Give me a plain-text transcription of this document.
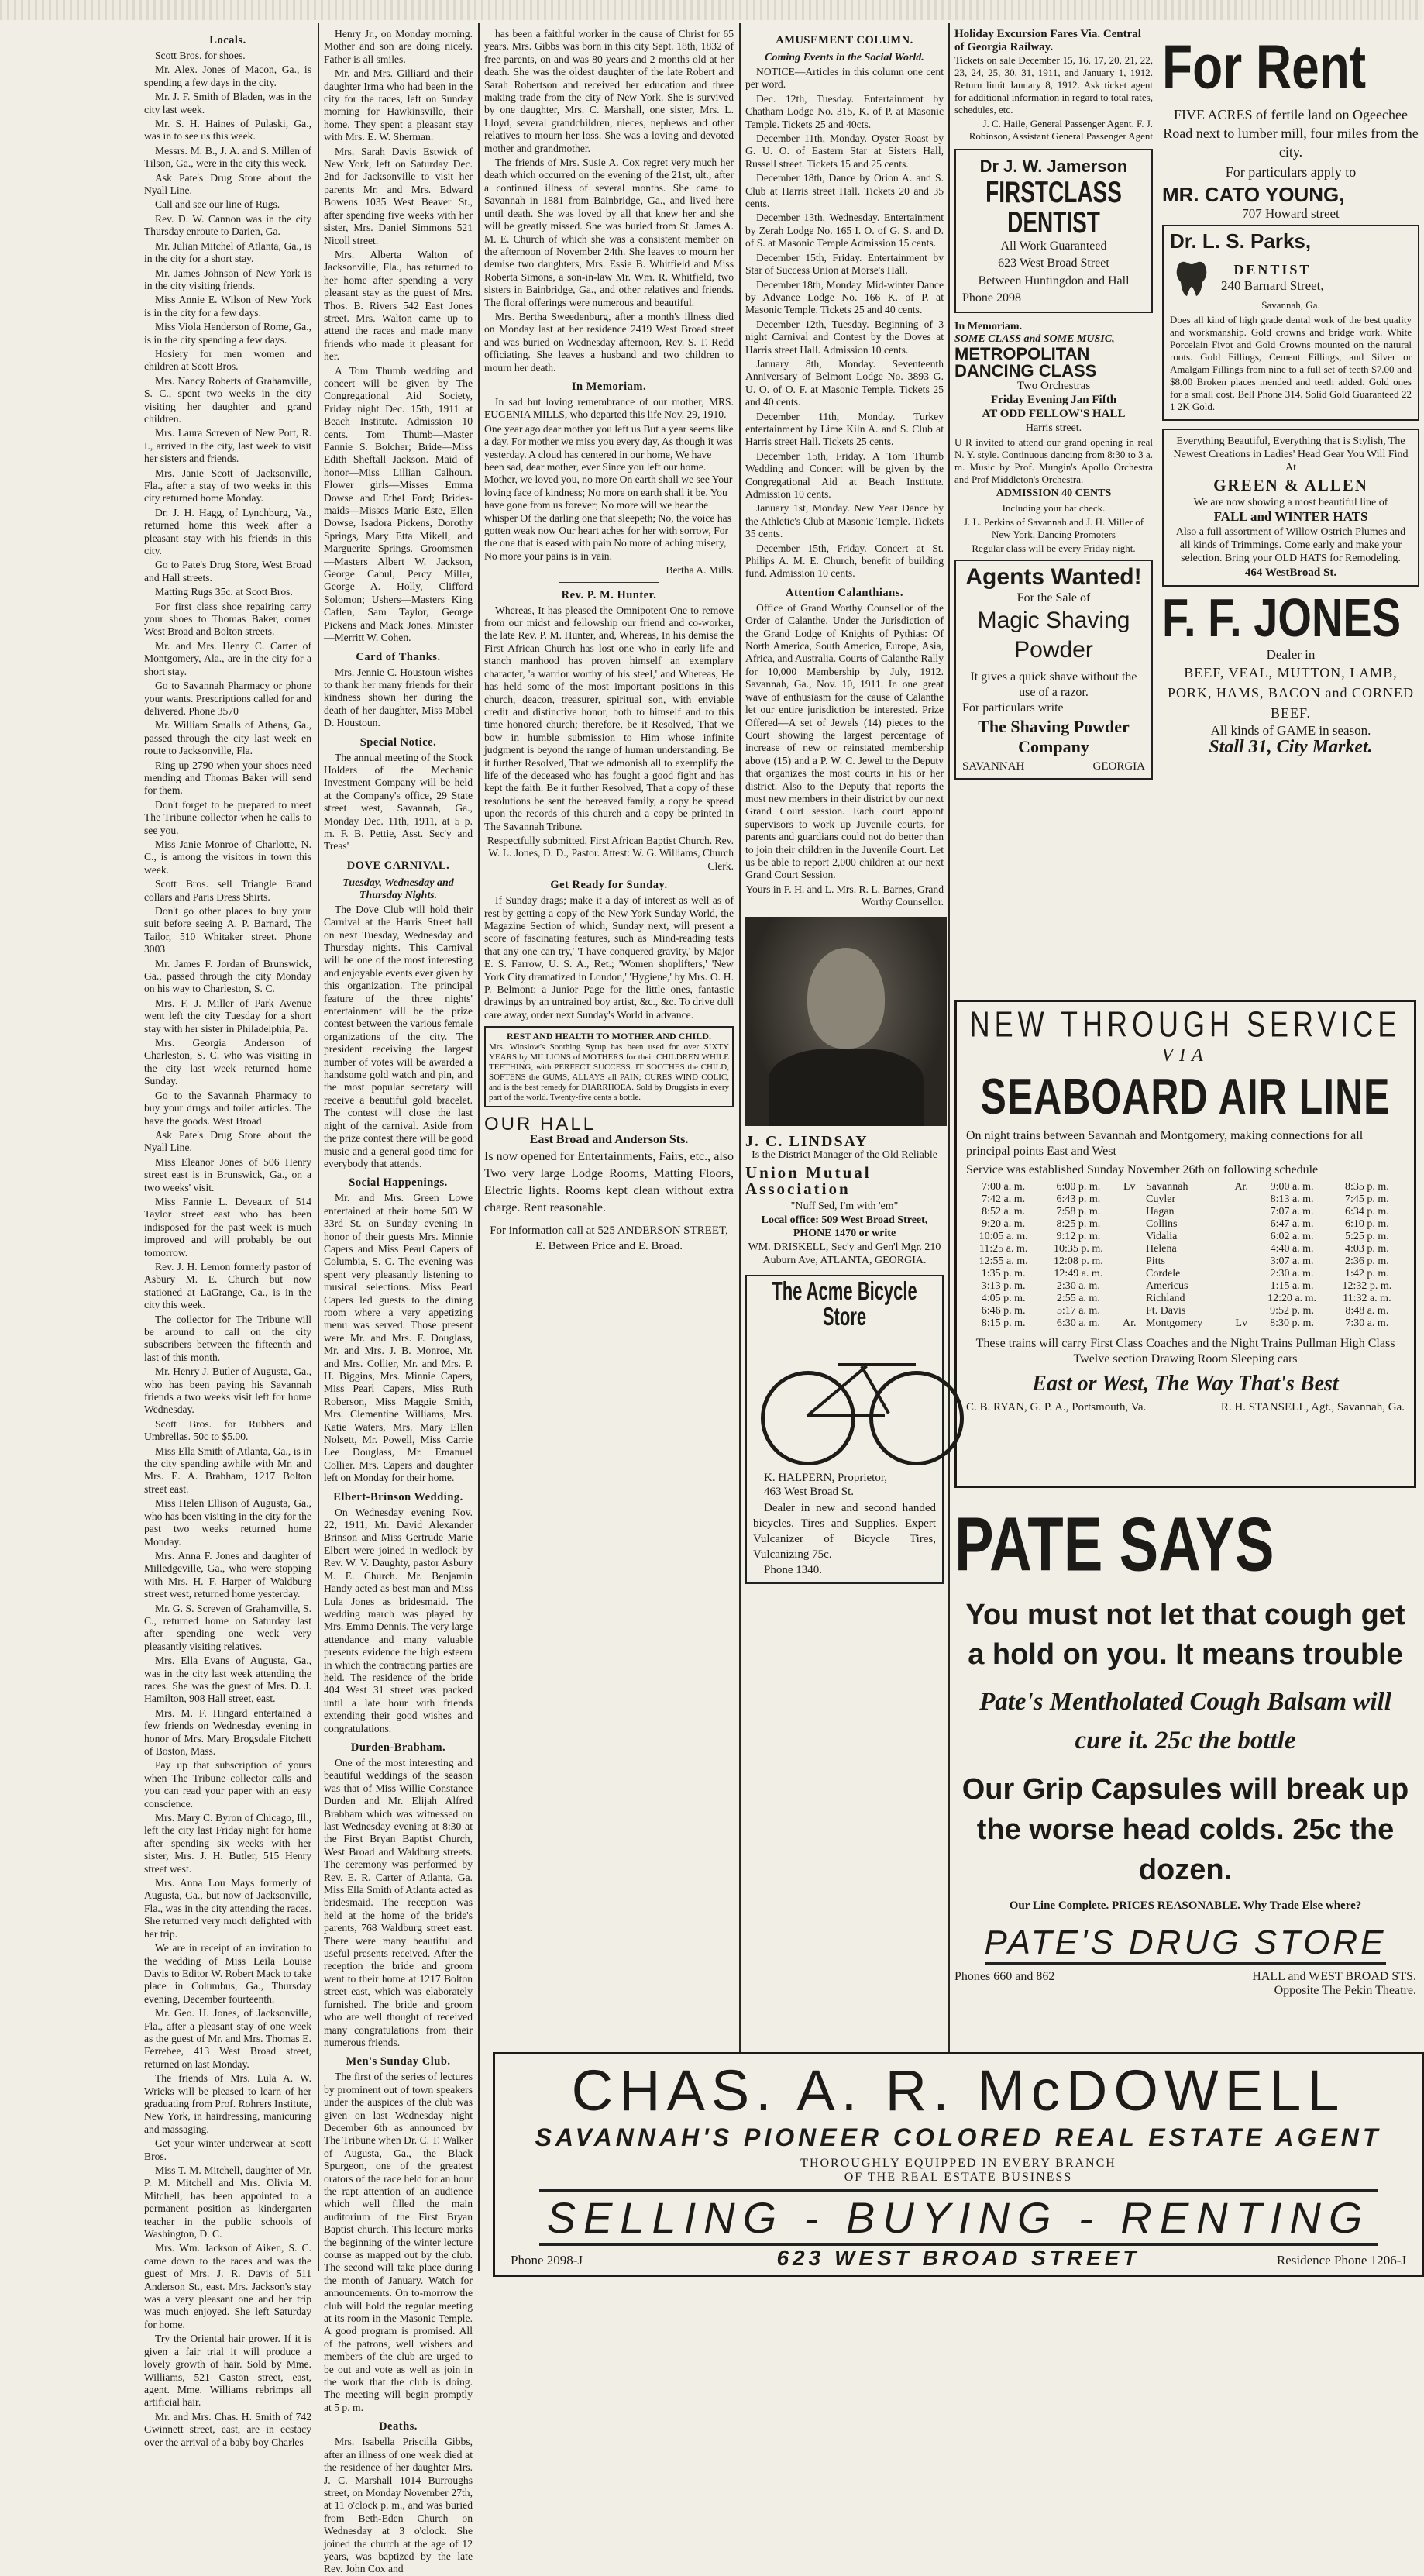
Locals.

Scott Bros. for shoes.

Mr. Alex. Jones of Macon, Ga., is spending a few days in the city.

Mr. J. F. Smith of Bladen, was in the city last week.

Mr. S. H. Haines of Pulaski, Ga., was in to see us this week.

Messrs. M. B., J. A. and S. Millen of Tilson, Ga., were in the city this week.

Ask Pate's Drug Store about the Nyall Line.

Call and see our line of Rugs.

Rev. D. W. Cannon was in the city Thursday enroute to Darien, Ga.

Mr. Julian Mitchel of Atlanta, Ga., is in the city for a short stay.

Mr. James Johnson of New York is in the city visiting friends.

Miss Annie E. Wilson of New York is in the city for a few days.

Miss Viola Henderson of Rome, Ga., is in the city spending a few days.

Hosiery for men women and children at Scott Bros.

Mrs. Nancy Roberts of Grahamville, S. C., spent two weeks in the city visiting her daughter and grand children.

Mrs. Laura Screven of New Port, R. I., arrived in the city, last week to visit her sisters and friends.

Mrs. Janie Scott of Jacksonville, Fla., after a stay of two weeks in this city returned home Monday.

Dr. J. H. Hagg, of Lynchburg, Va., returned home this week after a pleasant stay with his friends in this city.

Go to Pate's Drug Store, West Broad and Hall streets.

Matting Rugs 35c. at Scott Bros.

For first class shoe repairing carry your shoes to Thomas Baker, corner West Broad and Bolton streets.

Mr. and Mrs. Henry C. Carter of Montgomery, Ala., are in the city for a short stay.

Go to Savannah Pharmacy or phone your wants. Prescriptions called for and delivered. Phone 3570

Mr. William Smalls of Athens, Ga., passed through the city last week en route to Jacksonville, Fla.

Ring up 2790 when your shoes need mending and Thomas Baker will send for them.

Don't forget to be prepared to meet The Tribune collector when he calls to see you.

Miss Janie Monroe of Charlotte, N. C., is among the visitors in town this week.

Scott Bros. sell Triangle Brand collars and Paris Dress Shirts.

Don't go other places to buy your suit before seeing A. P. Barnard, The Tailor, 510 Whitaker street. Phone 3003

Mr. James F. Jordan of Brunswick, Ga., passed through the city Monday on his way to Charleston, S. C.

Mrs. F. J. Miller of Park Avenue went left the city Tuesday for a short stay with her sister in Philadelphia, Pa.

Mrs. Georgia Anderson of Charleston, S. C. who was visiting in the city last week returned home Sunday.

Go to the Savannah Pharmacy to buy your drugs and toilet articles. The have the goods. West Broad

Ask Pate's Drug Store about the Nyall Line.

Miss Eleanor Jones of 506 Henry street east is in Brunswick, Ga., on a two weeks' visit.

Miss Fannie L. Deveaux of 514 Taylor street east who has been indisposed for the past week is much improved and will probably be out tomorrow.

Rev. J. H. Lemon formerly pastor of Asbury M. E. Church but now stationed at LaGrange, Ga., is in the city this week.

The collector for The Tribune will be around to call on the city subscribers between the fifteenth and last of this month.

Mr. Henry J. Butler of Augusta, Ga., who has been paying his Savannah friends a two weeks visit left for home Wednesday.

Scott Bros. for Rubbers and Umbrellas. 50c to $5.00.

Miss Ella Smith of Atlanta, Ga., is in the city spending awhile with Mr. and Mrs. E. A. Brabham, 1217 Bolton street east.

Miss Helen Ellison of Augusta, Ga., who has been visiting in the city for the past two weeks returned home Monday.

Mrs. Anna F. Jones and daughter of Milledgeville, Ga., who were stopping with Mrs. H. F. Harper of Waldburg street west, returned home yesterday.

Mr. G. S. Screven of Grahamville, S. C., returned home on Saturday last after spending one week very pleasantly visiting relatives.

Mrs. Ella Evans of Augusta, Ga., was in the city last week attending the races. She was the guest of Mrs. D. J. Hamilton, 908 Hall street, east.

Mrs. M. F. Hingard entertained a few friends on Wednesday evening in honor of Mrs. Mary Brogsdale Fitchett of Boston, Mass.

Pay up that subscription of yours when The Tribune collector calls and you can read your paper with an easy conscience.

Mrs. Mary C. Byron of Chicago, Ill., left the city last Friday night for home after spending six weeks with her sister, Mrs. J. H. Butler, 515 Henry street west.

Mrs. Anna Lou Mays formerly of Augusta, Ga., but now of Jacksonville, Fla., was in the city attending the races. She returned very much delighted with her trip.

We are in receipt of an invitation to the wedding of Miss Leila Louise Davis to Editor W. Robert Mack to take place in Columbus, Ga., Thursday evening, December fourteenth.

Mr. Geo. H. Jones, of Jacksonville, Fla., after a pleasant stay of one week as the guest of Mr. and Mrs. Thomas E. Ferrebee, 413 West Broad street, returned on last Monday.

The friends of Mrs. Lula A. W. Wricks will be pleased to learn of her graduating from Prof. Rohrers Institute, New York, in hairdressing, manicuring and massaging.

Get your winter underwear at Scott Bros.

Miss T. M. Mitchell, daughter of Mr. P. M. Mitchell and Mrs. Olivia M. Mitchell, has been appointed to a permanent position as kindergarten teacher in the public schools of Washington, D. C.

Mrs. Wm. Jackson of Aiken, S. C. came down to the races and was the guest of Mrs. J. R. Davis of 511 Anderson St., east. Mrs. Jackson's stay was a very pleasant one and her trip was much enjoyed. She left Saturday for home.

Try the Oriental hair grower. If it is given a fair trial it will produce a lovely growth of hair. Sold by Mme. Williams, 521 Gaston street, east, agent. Mme. Williams rebrimps all artificial hair.

Mr. and Mrs. Chas. H. Smith of 742 Gwinnett street, east, are in ecstacy over the arrival of a baby boy Charles

Henry Jr., on Monday morning. Mother and son are doing nicely. Father is all smiles.

Mr. and Mrs. Gilliard and their daughter Irma who had been in the city for the races, left on Sunday morning for Hawkinsville, their home. They spent a pleasant stay with Mrs. E. W. Sherman.

Mrs. Sarah Davis Estwick of New York, left on Saturday Dec. 2nd for Jacksonville to visit her parents Mr. and Mrs. Edward Bowens 1035 West Beaver St., after spending five weeks with her sister, Mrs. Daniel Simmons 521 Nicoll street.

Mrs. Alberta Walton of Jacksonville, Fla., has returned to her home after spending a very pleasant stay as the guest of Mrs. Thos. B. Rivers 542 East Jones street. Mrs. Walton came up to attend the races and made many friends who made it pleasant for her.

A Tom Thumb wedding and concert will be given by The Congregational Aid Society, Friday night Dec. 15th, 1911 at Beach Institute. Admission 10 cents. Tom Thumb—Master Fannie S. Bolcher; Bride—Miss Edith Sheftall Jackson. Maid of honor—Miss Lillian Calhoun. Flower girls—Misses Emma Dowse and Ethel Ford; Brides-maids—Misses Marie Este, Ellen Dowse, Isadora Pickens, Dorothy Springs, Mary Etta Mikell, and Marguerite Springs. Groomsmen—Masters Albert W. Jackson, George Cabul, Percy Miller, George A. Holly, Clifford Solomon; Ushers—Masters King Caflen, Sam Taylor, George Pickens and Mack Jones. Minister—Merritt W. Cohen.

Card of Thanks.

Mrs. Jennie C. Houstoun wishes to thank her many friends for their kindness shown her during the death of her daughter, Miss Mabel D. Houstoun.

Special Notice.

The annual meeting of the Stock Holders of the Mechanic Investment Company will be held at the Company's office, 29 State street west, Savannah, Ga., Monday Dec. 11th, 1911, at 5 p. m. F. B. Pettie, Asst. Sec'y and Treas'

DOVE CARNIVAL.
Tuesday, Wednesday and Thursday Nights.

The Dove Club will hold their Carnival at the Harris Street hall on next Tuesday, Wednesday and Thursday nights. This Carnival will be one of the most interesting and enjoyable events ever given by this organization. The principal feature of the three nights' entertainment will be the prize contest between the various female organizations of the city. The president receiving the largest number of votes will be awarded a handsome gold watch and pin, and the most popular secretary will receive a beautiful gold bracelet. The contest will close the last night of the carnival. Aside from the prize contest there will be good music and a general good time for everybody that attends.

Social Happenings.

Mr. and Mrs. Green Lowe entertained at their home 503 W 33rd St. on Sunday evening in honor of their guests Mrs. Minnie Capers and Miss Pearl Capers of Columbia, S. C. The evening was spent very pleasantly listening to musical selections. Miss Pearl Capers led guests to the dining room where a very appetizing menu was served. Those present were Mr. and Mrs. F. Douglass, Mr. and Mrs. J. B. Monroe, Mr. and Mrs. Collier, Mr. and Mrs. P. H. Biggins, Mrs. Minnie Capers, Miss Pearl Capers, Miss Ruth Roberson, Miss Maggie Smith, Mrs. Clementine Williams, Mrs. Katie Waters, Mrs. Mary Ellen Nolsett, Mr. Powell, Miss Carrie Lee Douglass, Mr. Emanuel Collier. Mrs. Capers and daughter left on Monday for their home.

Elbert-Brinson Wedding.

On Wednesday evening Nov. 22, 1911, Mr. David Alexander Brinson and Miss Gertrude Marie Elbert were joined in wedlock by Rev. W. V. Daughty, pastor Asbury M. E. Church. Mr. Benjamin Handy acted as best man and Miss Lula Jones as bridesmaid. The wedding march was played by Mrs. Emma Dennis. The very large attendance and many valuable presents evidence the high esteem in which the contracting parties are held. The residence of the bride 404 West 31 street was packed until a late hour with friends extending their good wishes and congratulations.

Durden-Brabham.

One of the most interesting and beautiful weddings of the season was that of Miss Willie Constance Durden and Mr. Elijah Alfred Brabham which was witnessed on last Wednesday evening at 8:30 at the First Bryan Baptist Church, West Broad and Waldburg streets. The ceremony was performed by Rev. E. R. Carter of Atlanta, Ga. Miss Ella Smith of Atlanta acted as bridesmaid. The reception was held at the home of the bride's parents, 768 Waldburg street east. There were many beautiful and useful presents received. After the reception the bride and groom went to their home at 1217 Bolton street east, which was elaborately furnished. The bride and groom who are well thought of received many congratulations from their numerous friends.

Men's Sunday Club.

The first of the series of lectures by prominent out of town speakers under the auspices of the club was given on last Wednesday night December 6th as announced by The Tribune when Dr. C. T. Walker of Augusta, Ga., the Black Spurgeon, one of the greatest orators of the race held for an hour the rapt attention of an audience which well filled the main auditorium of the First Bryan Baptist church. This lecture marks the beginning of the winter lecture course as mapped out by the club. The second will take place during the month of January. Watch for announcements. On to-morrow the club will hold the regular meeting at its room in the Masonic Temple. A good program is promised. All of the patrons, well wishers and members of the club are urged to be out and vote as well as join in the work that the club is doing. The meeting will begin promptly at 5 p. m.

Deaths.

Mrs. Isabella Priscilla Gibbs, after an illness of one week died at the residence of her daughter Mrs. J. C. Marshall 1014 Burroughs street, on Monday November 27th, at 11 o'clock p. m., and was buried from Beth-Eden Church on Wednesday at 3 o'clock. She joined the church at the age of 12 years, was baptized by the late Rev. John Cox and

has been a faithful worker in the cause of Christ for 65 years. Mrs. Gibbs was born in this city Sept. 18th, 1832 of free parents, on and was 80 years and 2 months old at her death. She was the oldest daughter of the late Robert and Sarah Robertson and received her education and three making trade from the city of New York. She is survived by one daughter, Mrs. C. Marshall, one sister, Mrs. L. Lloyd, several grandchildren, nieces, nephews and other relatives to mourn her loss. She was a loving and devoted mother and grandmother.

The friends of Mrs. Susie A. Cox regret very much her death which occurred on the evening of the 21st, ult., after a continued illness of several months. She came to Savannah in 1881 from Bainbridge, Ga., and lived here until death. She was loved by all that knew her and she will be greatly missed. She was buried from St. James A. M. E. Church of which she was a consistent member on the afternoon of November 24th. She leaves to mourn her demise two daughters, Mrs. Essie B. Whitfield and Miss Roberta Simons, a son-in-law Mr. Wm. R. Whitfield, two sisters in Bainbridge, Ga., and other relatives and friends. The floral offerings were numerous and beautiful.

Mrs. Bertha Sweedenburg, after a month's illness died on Monday last at her residence 2419 West Broad street and was buried on Wednesday afternoon, Rev. S. T. Redd officiating. She leaves a husband and two children to mourn her death.

In Memoriam.

In sad but loving remembrance of our mother, MRS. EUGENIA MILLS, who departed this life Nov. 29, 1910.

One year ago dear mother you left us But a year seems like a day. For mother we miss you every day, As though it was yesterday. A cloud has centered in our home, We have been sad, dear mother, ever Since you left our home. Mother, we loved you, no more On earth shall we see Your loving face of kindness; No more on earth shall it be. You have gone from us forever; No more will we hear the whisper Of the darling one that sleepeth; No, the voice has gotten weak now Our heart aches for her with sorrow, For the one that is eased with pain No more of aching misery, No more your pains is in vain.

Bertha A. Mills.

Rev. P. M. Hunter.

Whereas, It has pleased the Omnipotent One to remove from our midst and fellowship our friend and co-worker, the late Rev. P. M. Hunter, and, Whereas, In his demise the First African Church has lost one who in early life and stanch manhood has proven himself an exemplary character, 'a warrior worthy of his steel,' and Whereas, He has held some of the most important positions in this church, deacon, treasurer, spiritual son, with enviable credit and distinctive honor, both to himself and to this time honored church; therefore, be it Resolved, That we bow in humble submission to Him whose infinite judgment is beyond the range of human understanding. Be it further Resolved, That we admonish all to exemplify the life of the deceased who has fought a good fight and has kept the faith. Be it further Resolved, That a copy of these resolutions be sent the bereaved family, a copy be spread upon the records of this church and a copy be printed in The Savannah Tribune.

Respectfully submitted, First African Baptist Church. Rev. W. L. Jones, D. D., Pastor. Attest: W. G. Williams, Church Clerk.

Get Ready for Sunday.

If Sunday drags; make it a day of interest as well as of rest by getting a copy of the New York Sunday World, the Magazine Section of which, Sunday next, will present a score of fascinating features, such as 'Mind-reading tests that any one can try,' 'I have conquered gravity,' by Major E. S. Farrow, U. S. A., Ret.; 'Women shoplifters,' 'New York City dramatized in London,' 'Hygiene,' by Mrs. O. H. P. Belmont; a Junior Page for the little ones, fantastic drawings by an untrained boy artist, &c., &c. To drive dull care away, order next Sunday's World in advance.

REST AND HEALTH TO MOTHER AND CHILD.
Mrs. Winslow's Soothing Syrup has been used for over SIXTY YEARS by MILLIONS of MOTHERS for their CHILDREN WHILE TEETHING, with PERFECT SUCCESS. IT SOOTHES the CHILD, SOFTENS the GUMS, ALLAYS all PAIN; CURES WIND COLIC, and is the best remedy for DIARRHOEA. Sold by Druggists in every part of the world. Twenty-five cents a bottle.
OUR HALL

East Broad and Anderson Sts.

Is now opened for Entertainments, Fairs, etc., also Two very large Lodge Rooms, Matting Floors, Electric lights. Rooms kept clean without extra charge. Rent reasonable.

For information call at 525 ANDERSON STREET, E. Between Price and E. Broad.

AMUSEMENT COLUMN.
Coming Events in the Social World.

NOTICE—Articles in this column one cent per word.

Dec. 12th, Tuesday. Entertainment by Chatham Lodge No. 315, K. of P. at Masonic Temple. Tickets 25 and 40cts.

December 11th, Monday. Oyster Roast by G. U. O. of Eastern Star at Sisters Hall, Russell street. Tickets 15 and 25 cents.

December 18th, Dance by Orion A. and S. Club at Harris street Hall. Tickets 20 and 35 cents.

December 13th, Wednesday. Entertainment by Zerah Lodge No. 165 I. O. of G. S. and D. of S. at Masonic Temple Admission 15 cents.

December 15th, Friday. Entertainment by Star of Success Union at Morse's Hall.

December 18th, Monday. Mid-winter Dance by Advance Lodge No. 166 K. of P. at Masonic Temple. Tickets 25 and 40 cents.

December 12th, Tuesday. Beginning of 3 night Carnival and Contest by the Doves at Harris street Hall. Admission 10 cents.

January 8th, Monday. Seventeenth Anniversary of Belmont Lodge No. 3893 G. U. O. of O. F. at Masonic Temple. Tickets 25 and 40 cents.

December 11th, Monday. Turkey entertainment by Lime Kiln A. and S. Club at Harris street Hall. Tickets 25 cents.

December 15th, Friday. A Tom Thumb Wedding and Concert will be given by the Congregational Aid at Beach Institute. Admission 10 cents.

January 1st, Monday. New Year Dance by the Athletic's Club at Masonic Temple. Tickets 35 cents.

December 15th, Friday. Concert at St. Philips A. M. E. Church, benefit of building fund. Admission 10 cents.

Attention Calanthians.

Office of Grand Worthy Counsellor of the Order of Calanthe. Under the Jurisdiction of the Grand Lodge of Knights of Pythias: Of North America, South America, Europe, Asia, Africa, and Australia. Courts of Calanthe Rally for 10,000 Membership by July, 1912. Savannah, Ga., Nov. 10, 1911. In one great wave of enthusiasm for the cause of Calanthe let our entire jurisdiction be interested. Prize Offered—A set of Jewels (14) pieces to the Court showing the largest percentage of increase of new or reinstated membership above (15) and a P. W. C. Jewel to the Deputy that organizes the most courts in his or her district. Also to the Deputy that reports the most new members in their district by our next Grand Court session. Each court appoint supervisors to work up Juvenile courts, for parents and guardians could not do better than to join their children in the Juvenile Court. Let us be able to report 2,000 children at our next Grand Court Session.

Yours in F. H. and L. Mrs. R. L. Barnes, Grand Worthy Counsellor.

J. C. LINDSAY

Is the District Manager of the Old Reliable

Union Mutual Association

"Nuff Sed, I'm with 'em"

Local office: 509 West Broad Street, PHONE 1470 or write

WM. DRISKELL, Sec'y and Gen'l Mgr. 210 Auburn Ave, ATLANTA, GEORGIA.

The Acme Bicycle Store

K. HALPERN, Proprietor,

463 West Broad St.

Dealer in new and second handed bicycles. Tires and Supplies. Expert Vulcanizer of Bicycle Tires, Vulcanizing 75c.

Phone 1340.

Holiday Excursion Fares Via. Central of Georgia Railway.

Tickets on sale December 15, 16, 17, 20, 21, 22, 23, 24, 25, 30, 31, 1911, and January 1, 1912. Return limit January 8, 1912. Ask ticket agent for additional information in regard to total rates, schedules, etc.

J. C. Haile, General Passenger Agent. F. J. Robinson, Assistant General Passenger Agent

Dr J. W. Jamerson
FIRSTCLASS DENTIST

All Work Guaranteed

623 West Broad Street

Between Huntingdon and Hall

Phone 2098

In Memoriam.
SOME CLASS and SOME MUSIC,
METROPOLITAN DANCING CLASS

Two Orchestras

Friday Evening Jan Fifth

AT ODD FELLOW'S HALL

Harris street.

U R invited to attend our grand opening in real N. Y. style. Continuous dancing from 8:30 to 3 a. m. Music by Prof. Mungin's Apollo Orchestra and Prof Middleton's Orchestra.

ADMISSION 40 CENTS

Including your hat check.

J. L. Perkins of Savannah and J. H. Miller of New York, Dancing Promoters

Regular class will be every Friday night.

Agents Wanted!

For the Sale of

Magic Shaving Powder

It gives a quick shave without the use of a razor.

For particulars write

The Shaving Powder Company
SAVANNAH	GEORGIA
For Rent

FIVE ACRES of fertile land on Ogeechee Road next to lumber mill, four miles from the city.

For particulars apply to

MR. CATO YOUNG,

707 Howard street

Dr. L. S. Parks,
DENTIST
240 Barnard Street,

Savannah, Ga.

Does all kind of high grade dental work of the best quality and workmanship. Gold crowns and bridge work. White Porcelain Fivot and Gold Crowns mounted on the natural roots. Gold Fillings, Cement Fillings, and Silver or Amalgam Fillings from nine to a full set of teeth $7.00 and $8.00 Broken places mended and teeth added. Gold ones for a small cost. Bell Phone 314. Solid Gold Guaranteed 22 1 2K Gold.

Everything Beautiful, Everything that is Stylish, The Newest Creations in Ladies' Head Gear You Will Find At

GREEN & ALLEN

We are now showing a most beautiful line of

FALL and WINTER HATS

Also a full assortment of Willow Ostrich Plumes and all kinds of Trimmings. Come early and make your selection. Bring your OLD HATS for Remodeling.

464 WestBroad St.

F. F. JONES

Dealer in

BEEF, VEAL, MUTTON, LAMB, PORK, HAMS, BACON and CORNED BEEF.

All kinds of GAME in season.

Stall 31, City Market.

NEW THROUGH SERVICE
VIA
SEABOARD AIR LINE

On night trains between Savannah and Montgomery, making connections for all principal points East and West

Service was established Sunday November 26th on following schedule

7:00 a. m.	6:00 p. m.	Lv	Savannah	Ar.	9:00 a. m.	8:35 p. m.
7:42 a. m.	6:43 p. m.		Cuyler		8:13 a. m.	7:45 p. m.
8:52 a. m.	7:58 p. m.		Hagan		7:07 a. m.	6:34 p. m.
9:20 a. m.	8:25 p. m.		Collins		6:47 a. m.	6:10 p. m.
10:05 a. m.	9:12 p. m.		Vidalia		6:02 a. m.	5:25 p. m.
11:25 a. m.	10:35 p. m.		Helena		4:40 a. m.	4:03 p. m.
12:55 a. m.	12:08 p. m.		Pitts		3:07 a. m.	2:36 p. m.
1:35 p. m.	12:49 a. m.		Cordele		2:30 a. m.	1:42 p. m.
3:13 p. m.	2:30 a. m.		Americus		1:15 a. m.	12:32 p. m.
4:05 p. m.	2:55 a. m.		Richland		12:20 a. m.	11:32 a. m.
6:46 p. m.	5:17 a. m.		Ft. Davis		9:52 p. m.	8:48 a. m.
8:15 p. m.	6:30 a. m.	Ar.	Montgomery	Lv	8:30 p. m.	7:30 a. m.

These trains will carry First Class Coaches and the Night Trains Pullman High Class Twelve section Drawing Room Sleeping cars

East or West, The Way That's Best
C. B. RYAN, G. P. A., Portsmouth, Va.	R. H. STANSELL, Agt., Savannah, Ga.
PATE SAYS
You must not let that cough get
a hold on you. It means trouble
Pate's Mentholated Cough Balsam will cure it. 25c the bottle
Our Grip Capsules will break up the worse head colds. 25c the dozen.
Our Line Complete. PRICES REASONABLE. Why Trade Else where?
PATE'S DRUG STORE
Phones 660 and 862	HALL and WEST BROAD STS.
Opposite The Pekin Theatre.
CHAS. A. R. McDOWELL
SAVANNAH'S PIONEER COLORED REAL ESTATE AGENT
THOROUGHLY EQUIPPED IN EVERY BRANCH
OF THE REAL ESTATE BUSINESS
SELLING - BUYING - RENTING
623 WEST BROAD STREET
Phone 2098-J	Residence Phone 1206-J
